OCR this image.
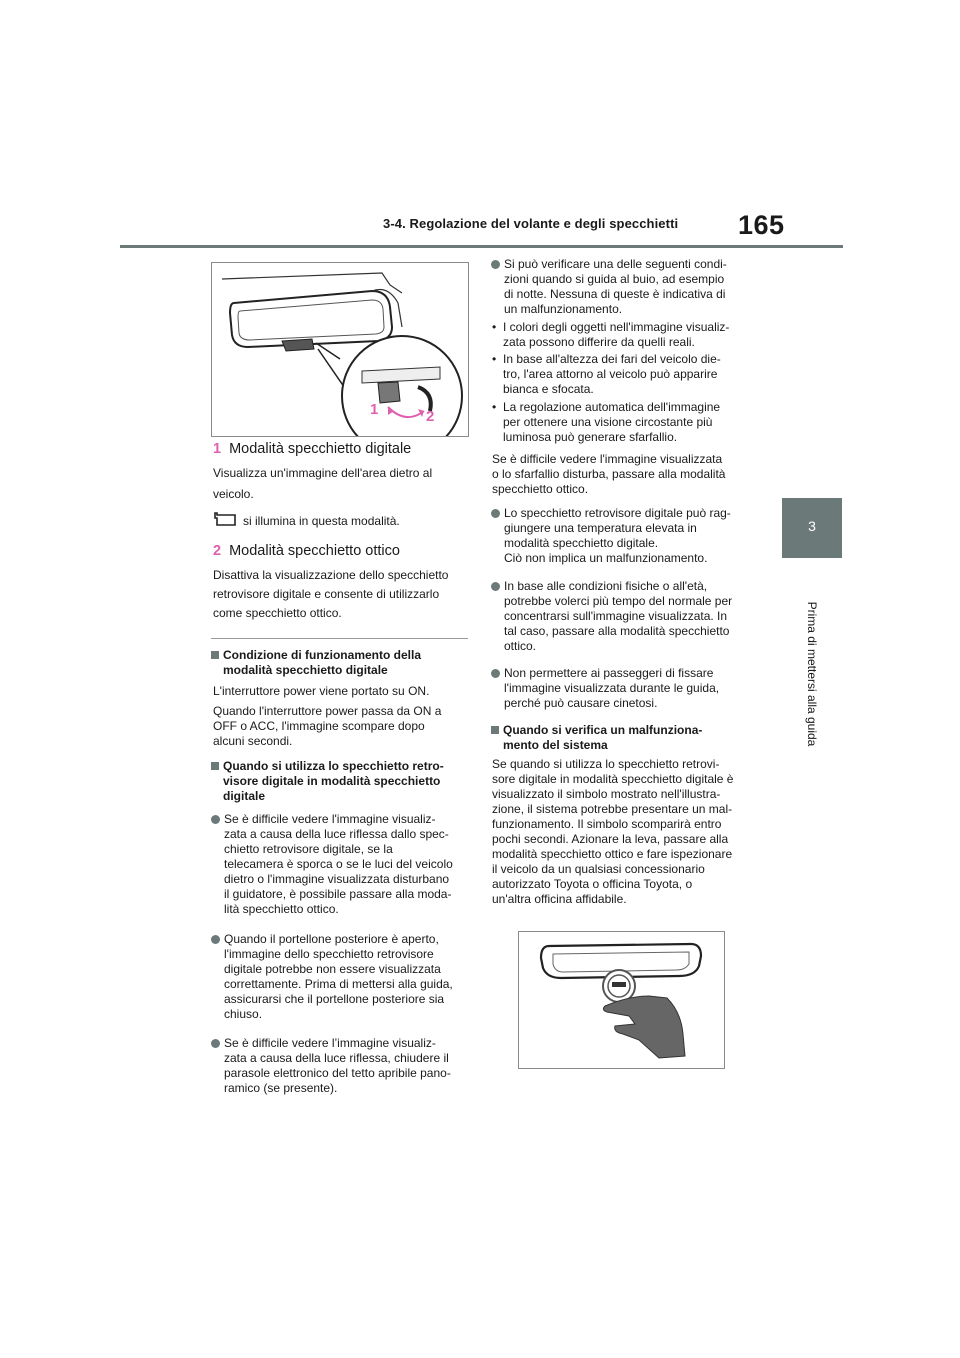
3-4. Regolazione del volante e degli specchietti 165
3
Prima di mettersi alla guida
1	2
1 Modalità specchietto digitale
Visualizza un'immagine dell'area dietro al
veicolo.
si illumina in questa modalità.
2 Modalità specchietto ottico
Disattiva la visualizzazione dello specchietto
retrovisore digitale e consente di utilizzarlo
come specchietto ottico.
Condizione di funzionamento della
modalità specchietto digitale
L'interruttore power viene portato su ON.
Quando l'interruttore power passa da ON a
OFF o ACC, l'immagine scompare dopo
alcuni secondi.
Quando si utilizza lo specchietto retro-
visore digitale in modalità specchietto
digitale
Se è difficile vedere l'immagine visualiz-
zata a causa della luce riflessa dallo spec-
chietto retrovisore digitale, se la
telecamera è sporca o se le luci del veicolo
dietro o l'immagine visualizzata disturbano
il guidatore, è possibile passare alla moda-
lità specchietto ottico.
Quando il portellone posteriore è aperto,
l'immagine dello specchietto retrovisore
digitale potrebbe non essere visualizzata
correttamente. Prima di mettersi alla guida,
assicurarsi che il portellone posteriore sia
chiuso.
Se è difficile vedere l’immagine visualiz-
zata a causa della luce riflessa, chiudere il
parasole elettronico del tetto apribile pano-
ramico (se presente).
Si può verificare una delle seguenti condi-
zioni quando si guida al buio, ad esempio
di notte. Nessuna di queste è indicativa di
un malfunzionamento.
• I colori degli oggetti nell'immagine visualiz-
zata possono differire da quelli reali.
• In base all'altezza dei fari del veicolo die-
tro, l'area attorno al veicolo può apparire
bianca e sfocata.
• La regolazione automatica dell'immagine
per ottenere una visione circostante più
luminosa può generare sfarfallio.
Se è difficile vedere l'immagine visualizzata
o lo sfarfallio disturba, passare alla modalità
specchietto ottico.
Lo specchietto retrovisore digitale può rag-
giungere una temperatura elevata in
modalità specchietto digitale.
Ciò non implica un malfunzionamento.
In base alle condizioni fisiche o all'età,
potrebbe volerci più tempo del normale per
concentrarsi sull'immagine visualizzata. In
tal caso, passare alla modalità specchietto
ottico.
Non permettere ai passeggeri di fissare
l'immagine visualizzata durante le guida,
perché può causare cinetosi.
Quando si verifica un malfunziona-
mento del sistema
Se quando si utilizza lo specchietto retrovi-
sore digitale in modalità specchietto digitale è
visualizzato il simbolo mostrato nell'illustra-
zione, il sistema potrebbe presentare un mal-
funzionamento. Il simbolo scomparirà entro
pochi secondi. Azionare la leva, passare alla
modalità specchietto ottico e fare ispezionare
il veicolo da un qualsiasi concessionario
autorizzato Toyota o officina Toyota, o
un'altra officina affidabile.
